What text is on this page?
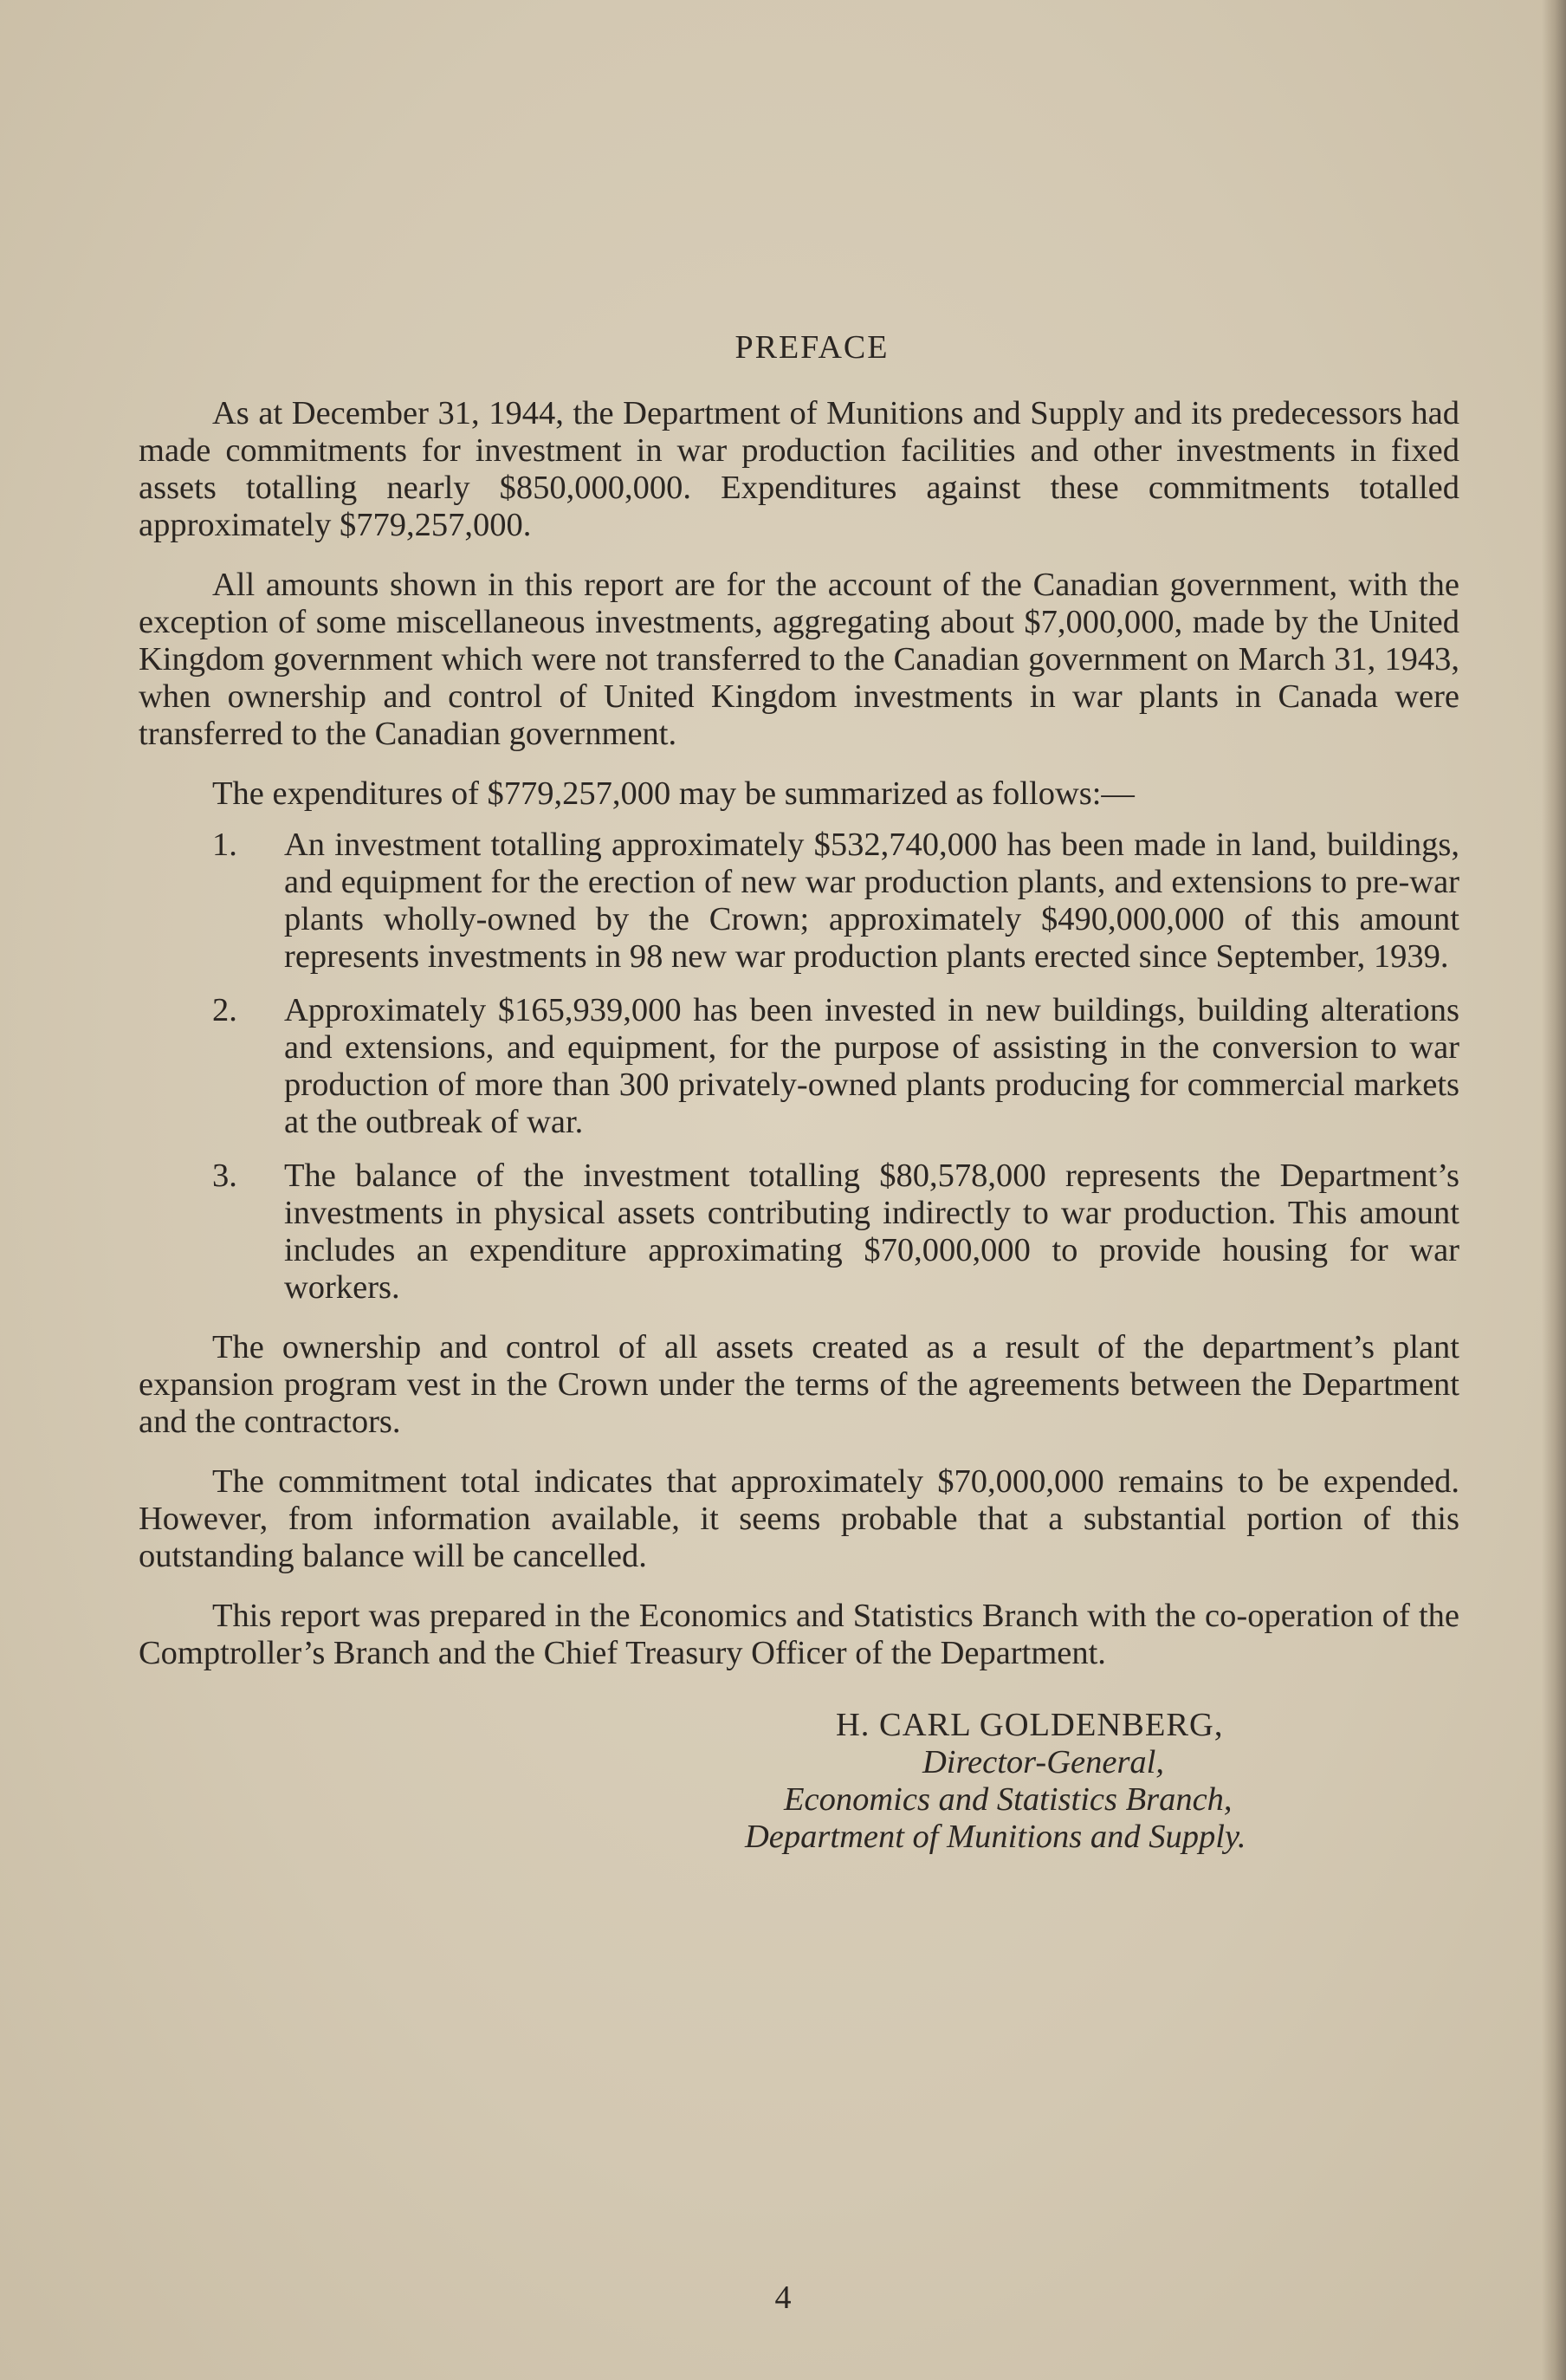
PREFACE

As at December 31, 1944, the Department of Munitions and Supply and its predecessors had made commitments for investment in war production facilities and other investments in fixed assets totalling nearly $850,000,000. Expenditures against these commitments totalled approximately $779,257,000.

All amounts shown in this report are for the account of the Canadian government, with the exception of some miscellaneous investments, aggregating about $7,000,000, made by the United Kingdom government which were not transferred to the Canadian government on March 31, 1943, when ownership and control of United Kingdom investments in war plants in Canada were transferred to the Canadian government.

The expenditures of $779,257,000 may be summarized as follows:—

1. An investment totalling approximately $532,740,000 has been made in land, buildings, and equipment for the erection of new war production plants, and extensions to pre-war plants wholly-owned by the Crown; approximately $490,000,000 of this amount represents investments in 98 new war production plants erected since September, 1939.
2. Approximately $165,939,000 has been invested in new buildings, building alterations and extensions, and equipment, for the purpose of assisting in the conversion to war production of more than 300 privately-owned plants producing for commercial markets at the outbreak of war.
3. The balance of the investment totalling $80,578,000 represents the Department’s investments in physical assets contributing indirectly to war production. This amount includes an expenditure approximating $70,000,000 to provide housing for war workers.

The ownership and control of all assets created as a result of the department’s plant expansion program vest in the Crown under the terms of the agreements between the Department and the contractors.

The commitment total indicates that approximately $70,000,000 remains to be expended. However, from information available, it seems probable that a substantial portion of this outstanding balance will be cancelled.

This report was prepared in the Economics and Statistics Branch with the co-operation of the Comptroller’s Branch and the Chief Treasury Officer of the Department.

H. CARL GOLDENBERG,
Director-General,
Economics and Statistics Branch,
Department of Munitions and Supply.
4
